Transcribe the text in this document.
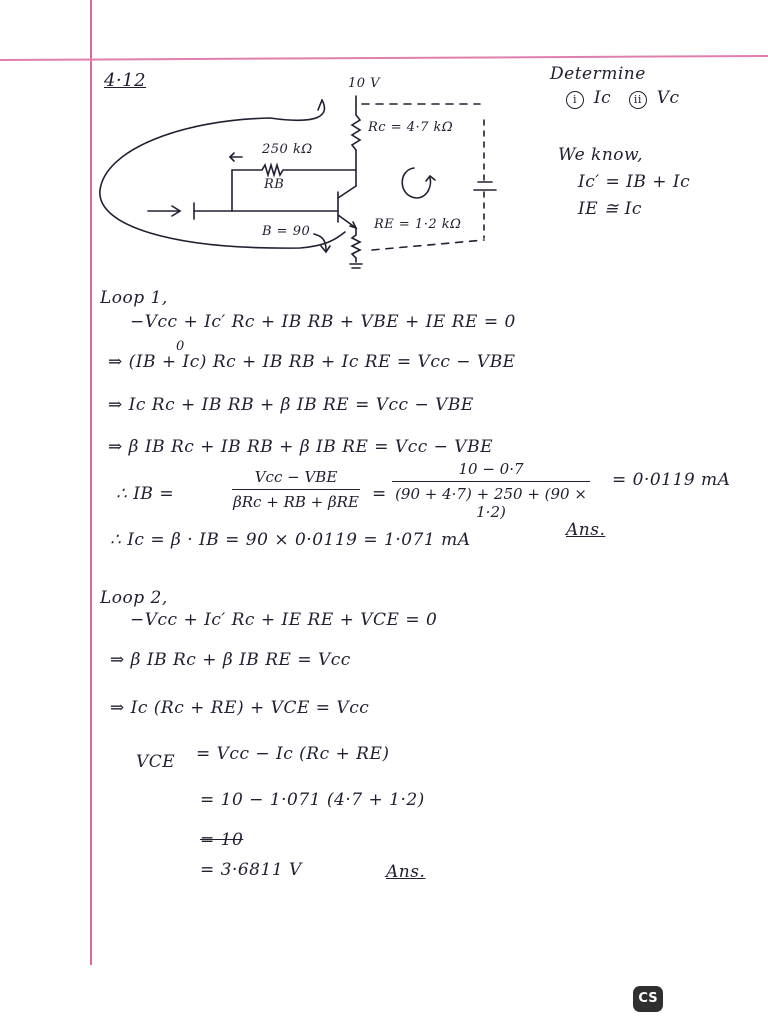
4·12	Determine
i Ic ii Vc
We know,
Ic′ = IB + Ic
IE ≅ Ic
10 V
Rc = 4·7 kΩ
250 kΩ
RB
RE = 1·2 kΩ
B = 90
Loop 1,
−Vcc + Ic′ Rc + IB RB + VBE + IE RE = 0
0
⇒ (IB + Ic) Rc + IB RB + Ic RE = Vcc − VBE
⇒ Ic Rc + IB RB + β IB RE = Vcc − VBE
⇒ β IB Rc + IB RB + β IB RE = Vcc − VBE
∴ IB =
Vcc − VBE
βRc + RB + βRE =
10 − 0·7
(90 + 4·7) + 250 + (90 × 1·2)
= 0·0119 mA
∴ Ic = β · IB = 90 × 0·0119 = 1·071 mA	Ans.
Loop 2,
−Vcc + Ic′ Rc + IE RE + VCE = 0
⇒ β IB Rc + β IB RE = Vcc
⇒ Ic (Rc + RE) + VCE = Vcc
VCE = Vcc − Ic (Rc + RE)
= 10 − 1·071 (4·7 + 1·2)
= 10
= 3·6811 V	Ans.
CS
